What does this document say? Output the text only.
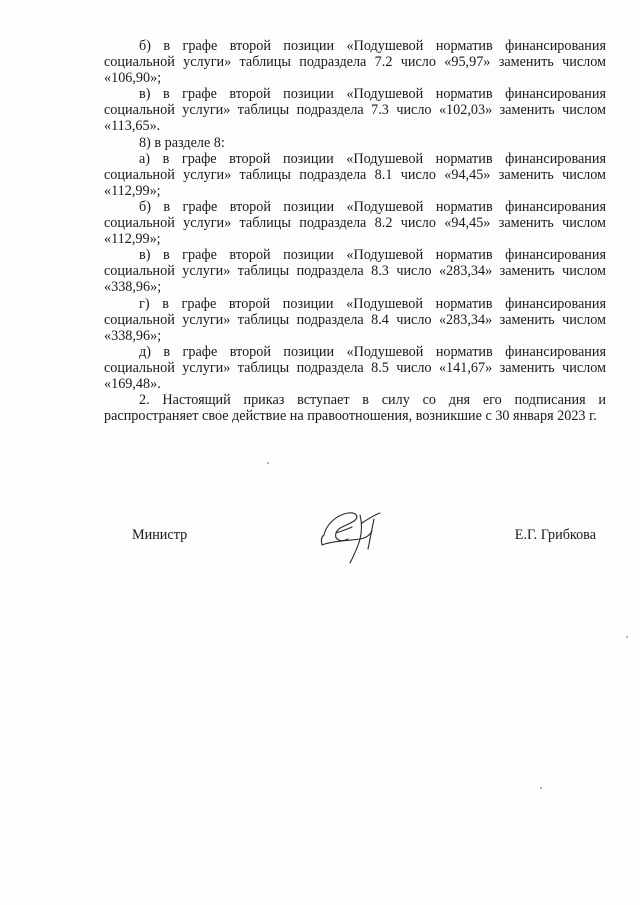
б) в графе второй позиции «Подушевой норматив финансирования социальной услуги» таблицы подраздела 7.2 число «95,97» заменить числом «106,90»;

в) в графе второй позиции «Подушевой норматив финансирования социальной услуги» таблицы подраздела 7.3 число «102,03» заменить числом «113,65».

8) в разделе 8:

а) в графе второй позиции «Подушевой норматив финансирования социальной услуги» таблицы подраздела 8.1 число «94,45» заменить числом «112,99»;

б) в графе второй позиции «Подушевой норматив финансирования социальной услуги» таблицы подраздела 8.2 число «94,45» заменить числом «112,99»;

в) в графе второй позиции «Подушевой норматив финансирования социальной услуги» таблицы подраздела 8.3 число «283,34» заменить числом «338,96»;

г) в графе второй позиции «Подушевой норматив финансирования социальной услуги» таблицы подраздела 8.4 число «283,34» заменить числом «338,96»;

д) в графе второй позиции «Подушевой норматив финансирования социальной услуги» таблицы подраздела 8.5 число «141,67» заменить числом «169,48».

2. Настоящий приказ вступает в силу со дня его подписания и распространяет свое действие на правоотношения, возникшие с 30 января 2023 г.

Министр	Е.Г. Грибкова
